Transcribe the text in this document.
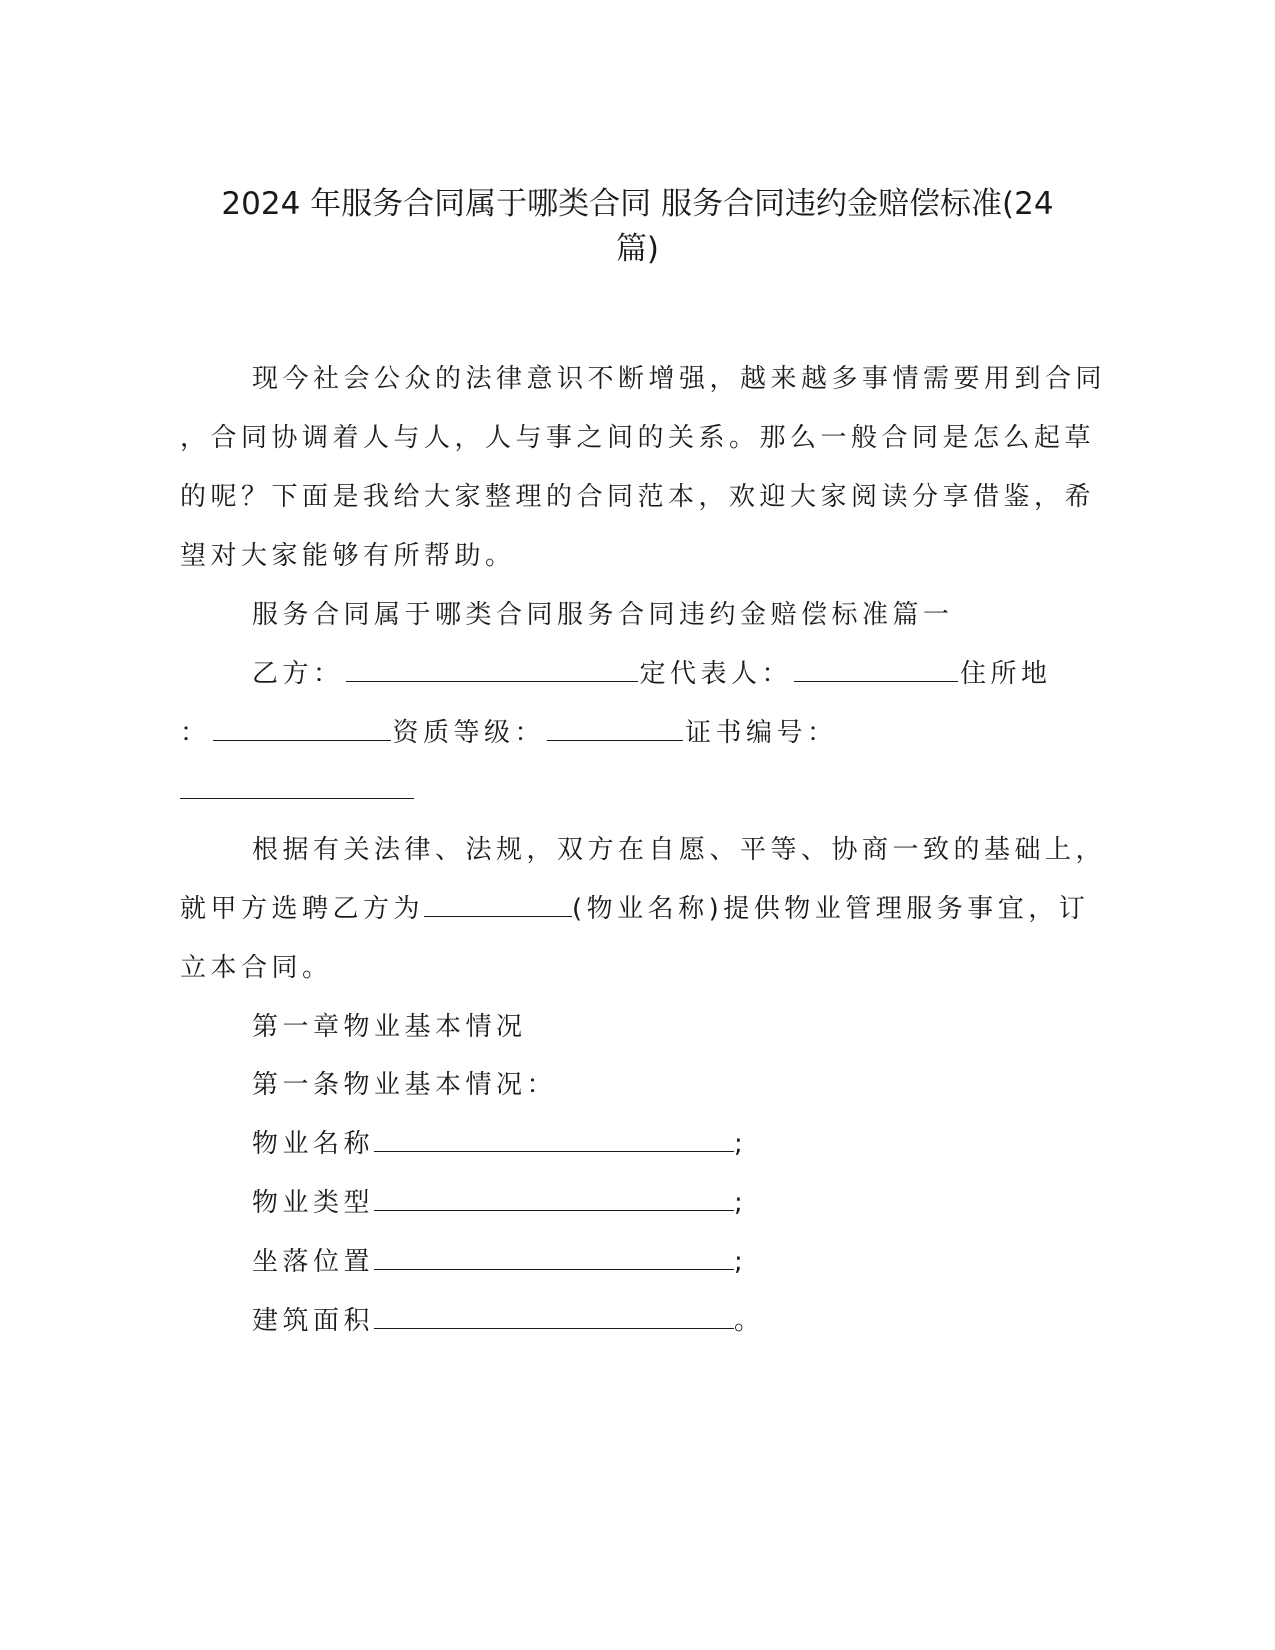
2024 年服务合同属于哪类合同 服务合同违约金赔偿标准(24
篇)
现今社会公众的法律意识不断增强，越来越多事情需要用到合同
，合同协调着人与人，人与事之间的关系。那么一般合同是怎么起草
的呢？下面是我给大家整理的合同范本，欢迎大家阅读分享借鉴，希
望对大家能够有所帮助。
服务合同属于哪类合同服务合同违约金赔偿标准篇一
乙方：	定代表人：	住所地
：	资质等级：	证书编号：
根据有关法律、法规，双方在自愿、平等、协商一致的基础上，
就甲方选聘乙方为	(物业名称)提供物业管理服务事宜，订
立本合同。
第一章物业基本情况
第一条物业基本情况：
物业名称	;
物业类型	;
坐落位置	;
建筑面积	。
